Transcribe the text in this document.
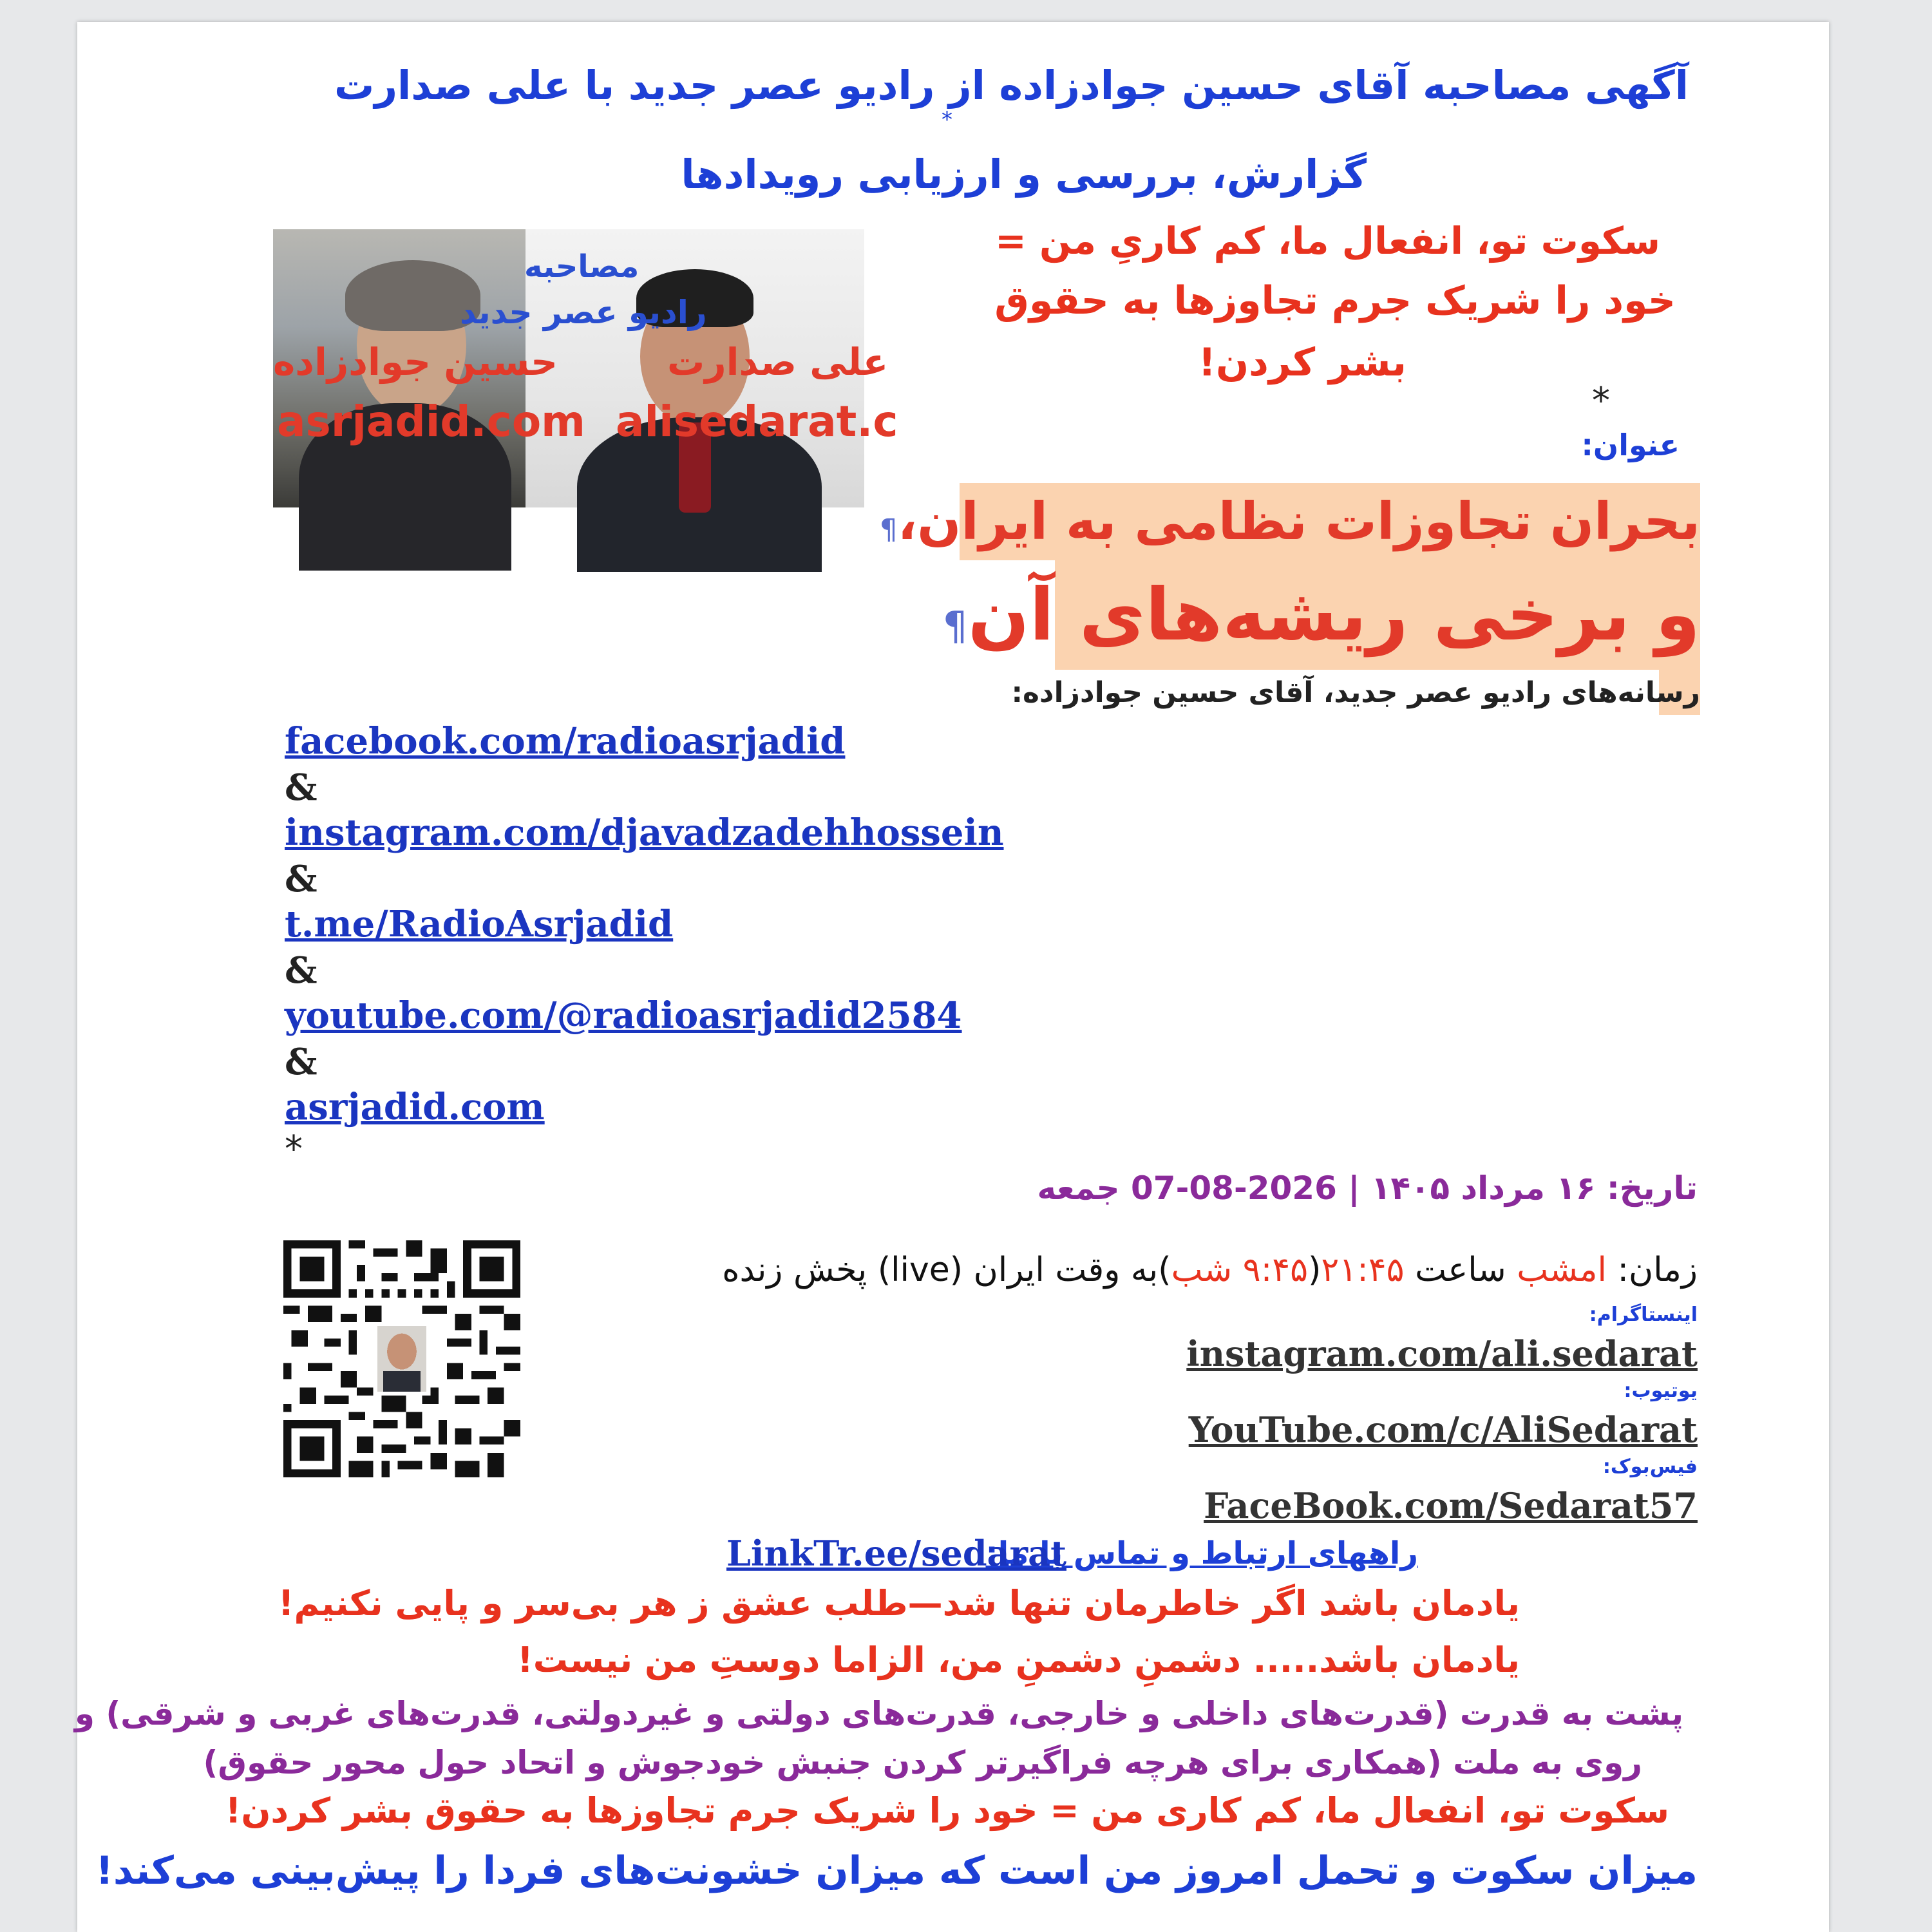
آگهی مصاحبه آقای حسین جوادزاده از رادیو عصر جدید با علی صدارت
*
گزارش، بررسی و ارزیابی رویدادها
سکوت تو، انفعال ما، کم کاریِ من =
خود را شریک جرم تجاوزها به حقوق
بشر کردن!
مصاحبه
رادیو عصر جدید
حسین جوادزاده	علی صدارت
asrjadid.com alisedarat.c	*
عنوان:
بحران تجاوزات نظامی به ایران،¶
و برخی ریشه‌های آن¶
رسانه‌های رادیو عصر جدید، آقای حسین جوادزاده:
facebook.com/radioasrjadid
&
instagram.com/djavadzadehhossein
&
t.me/RadioAsrjadid
&
youtube.com/@radioasrjadid2584
&
asrjadid.com
*
تاریخ: ۱۶ مرداد ۱۴۰۵ | 2026-08-07 جمعه
زمان: امشب ساعت ۲۱:۴۵(۹:۴۵ شب)به وقت ایران (live) پخش زنده
اینستاگرام:
instagram.com/ali.sedarat
یوتیوب:
YouTube.com/c/AliSedarat
فیس‌بوک:
FaceBook.com/Sedarat57
راههای ارتباط و تماس با ما:
LinkTr.ee/sedarat
یادمان باشد اگر خاطرمان تنها شد—طلب عشق ز هر بی‌سر و پایی نکنیم!
یادمان باشد..... دشمنِ دشمنِ من، الزاما دوستِ من نیست!
پشت به قدرت (قدرت‌های داخلی و خارجی، قدرت‌های دولتی و غیردولتی، قدرت‌های غربی و شرقی) و
روی به ملت (همکاری برای هرچه فراگیرتر کردن جنبش خودجوش و اتحاد حول محور حقوق)
سکوت تو، انفعال ما، کم کاری من = خود را شریک جرم تجاوزها به حقوق بشر کردن!
میزان سکوت و تحمل امروز من است که میزان خشونت‌های فردا را پیش‌بینی می‌کند!
